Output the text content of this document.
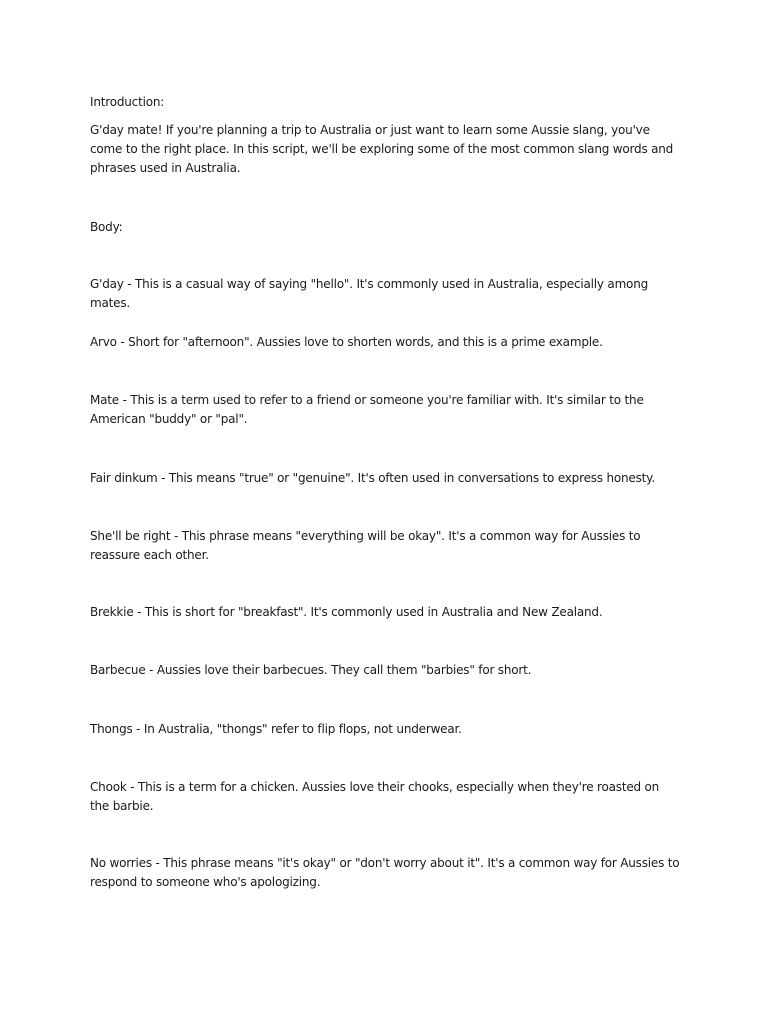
Introduction:
G'day mate! If you're planning a trip to Australia or just want to learn some Aussie slang, you've come to the right place. In this script, we'll be exploring some of the most common slang words and phrases used in Australia.
Body:
G'day - This is a casual way of saying "hello". It's commonly used in Australia, especially among mates.
Arvo - Short for "afternoon". Aussies love to shorten words, and this is a prime example.
Mate - This is a term used to refer to a friend or someone you're familiar with. It's similar to the American "buddy" or "pal".
Fair dinkum - This means "true" or "genuine". It's often used in conversations to express honesty.
She'll be right - This phrase means "everything will be okay". It's a common way for Aussies to reassure each other.
Brekkie - This is short for "breakfast". It's commonly used in Australia and New Zealand.
Barbecue - Aussies love their barbecues. They call them "barbies" for short.
Thongs - In Australia, "thongs" refer to flip flops, not underwear.
Chook - This is a term for a chicken. Aussies love their chooks, especially when they're roasted on the barbie.
No worries - This phrase means "it's okay" or "don't worry about it". It's a common way for Aussies to respond to someone who's apologizing.
